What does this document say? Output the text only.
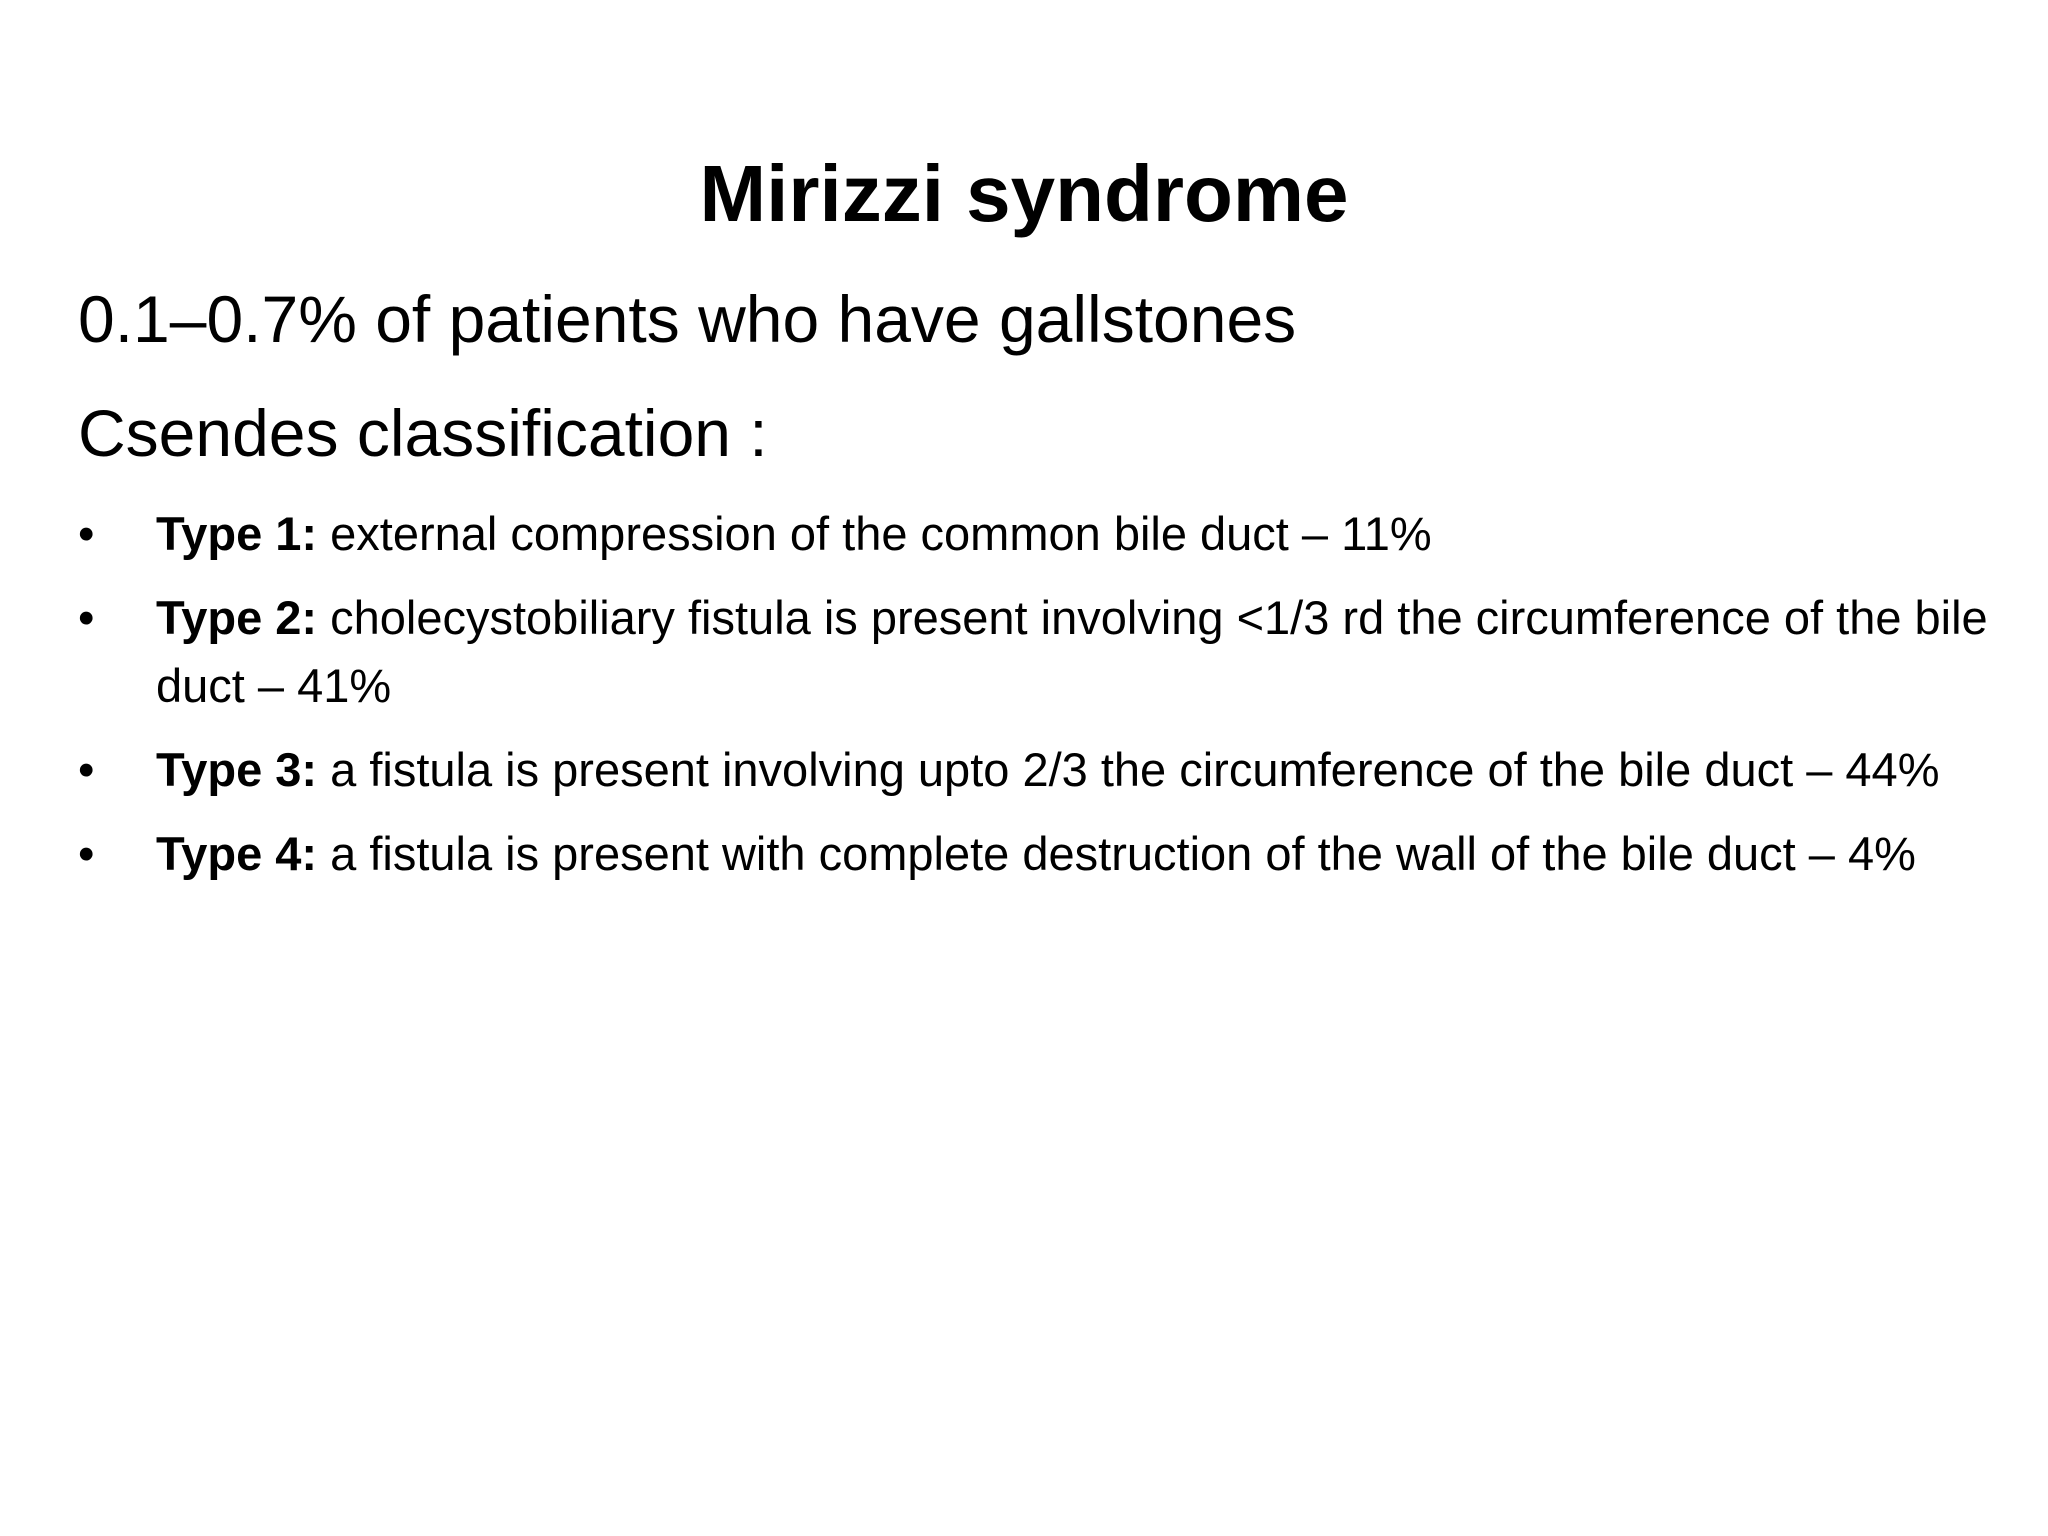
Mirizzi syndrome
0.1–0.7% of patients who have gallstones
Csendes classification :
•	Type 1: external compression of the common bile duct – 11%
•	Type 2: cholecystobiliary fistula is present involving <1/3 rd the circumference of the bile duct – 41%
•	Type 3: a fistula is present involving upto 2/3 the circumference of the bile duct – 44%
•	Type 4: a fistula is present with complete destruction of the wall of the bile duct – 4%
